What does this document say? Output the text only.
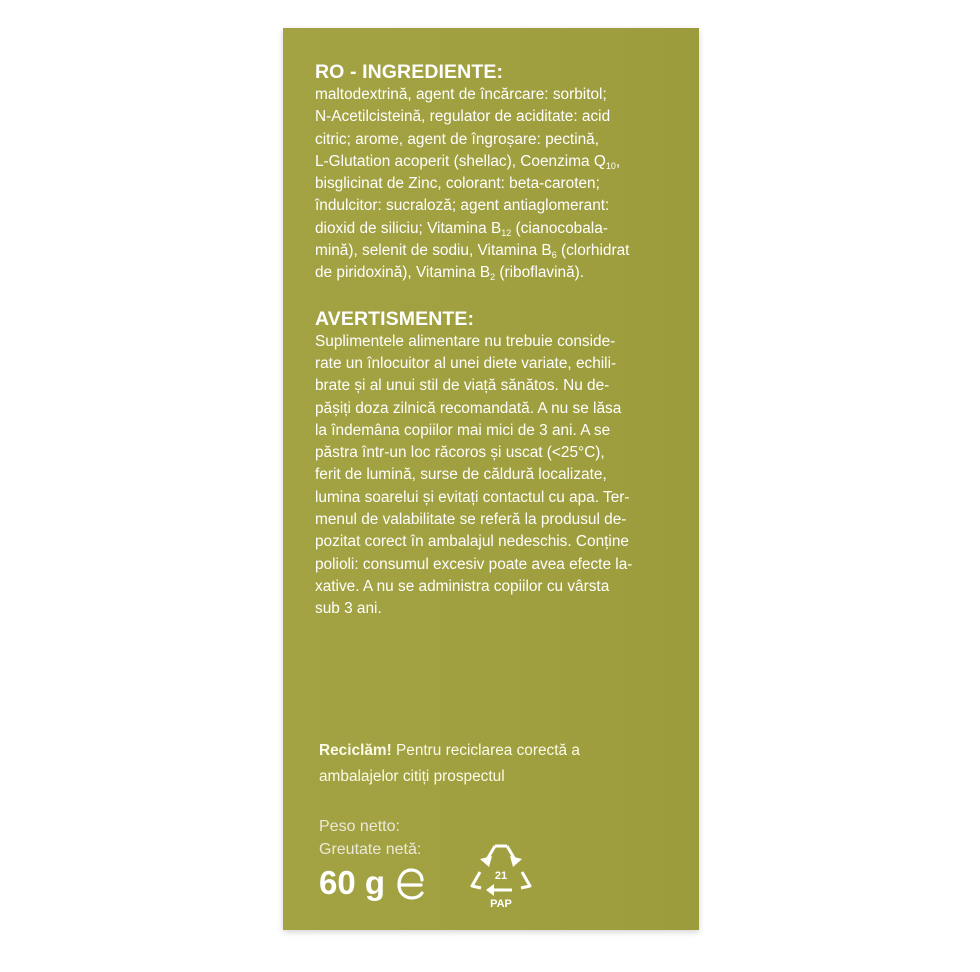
RO - INGREDIENTE:

maltodextrină, agent de încărcare: sorbitol;

N-Acetilcisteină, regulator de aciditate: acid

citric; arome, agent de îngroșare: pectină,

L-Glutation acoperit (shellac), Coenzima $Q_{10}$,

bisglicinat de Zinc, colorant: beta-caroten;

îndulcitor: sucraloză; agent antiaglomerant:

dioxid de siliciu; Vitamina $B_{12}$ (cianocobala-

mină), selenit de sodiu, Vitamina $B_6$ (clorhidrat

de piridoxină), Vitamina $B_2$ (riboflavină).

AVERTISMENTE:

Suplimentele alimentare nu trebuie conside-

rate un înlocuitor al unei diete variate, echili-

brate și al unui stil de viață sănătos. Nu de-

pășiți doza zilnică recomandată. A nu se lăsa

la îndemâna copiilor mai mici de 3 ani. A se

păstra într-un loc răcoros și uscat (<25°C),

ferit de lumină, surse de căldură localizate,

lumina soarelui și evitați contactul cu apa. Ter-

menul de valabilitate se referă la produsul de-

pozitat corect în ambalajul nedeschis. Conține

polioli: consumul excesiv poate avea efecte la-

xative. A nu se administra copiilor cu vârsta

sub 3 ani.

Reciclăm! Pentru reciclarea corectă a
ambalajelor citiți prospectul
Peso netto:
Greutate netă:
60 g	21
PAP
